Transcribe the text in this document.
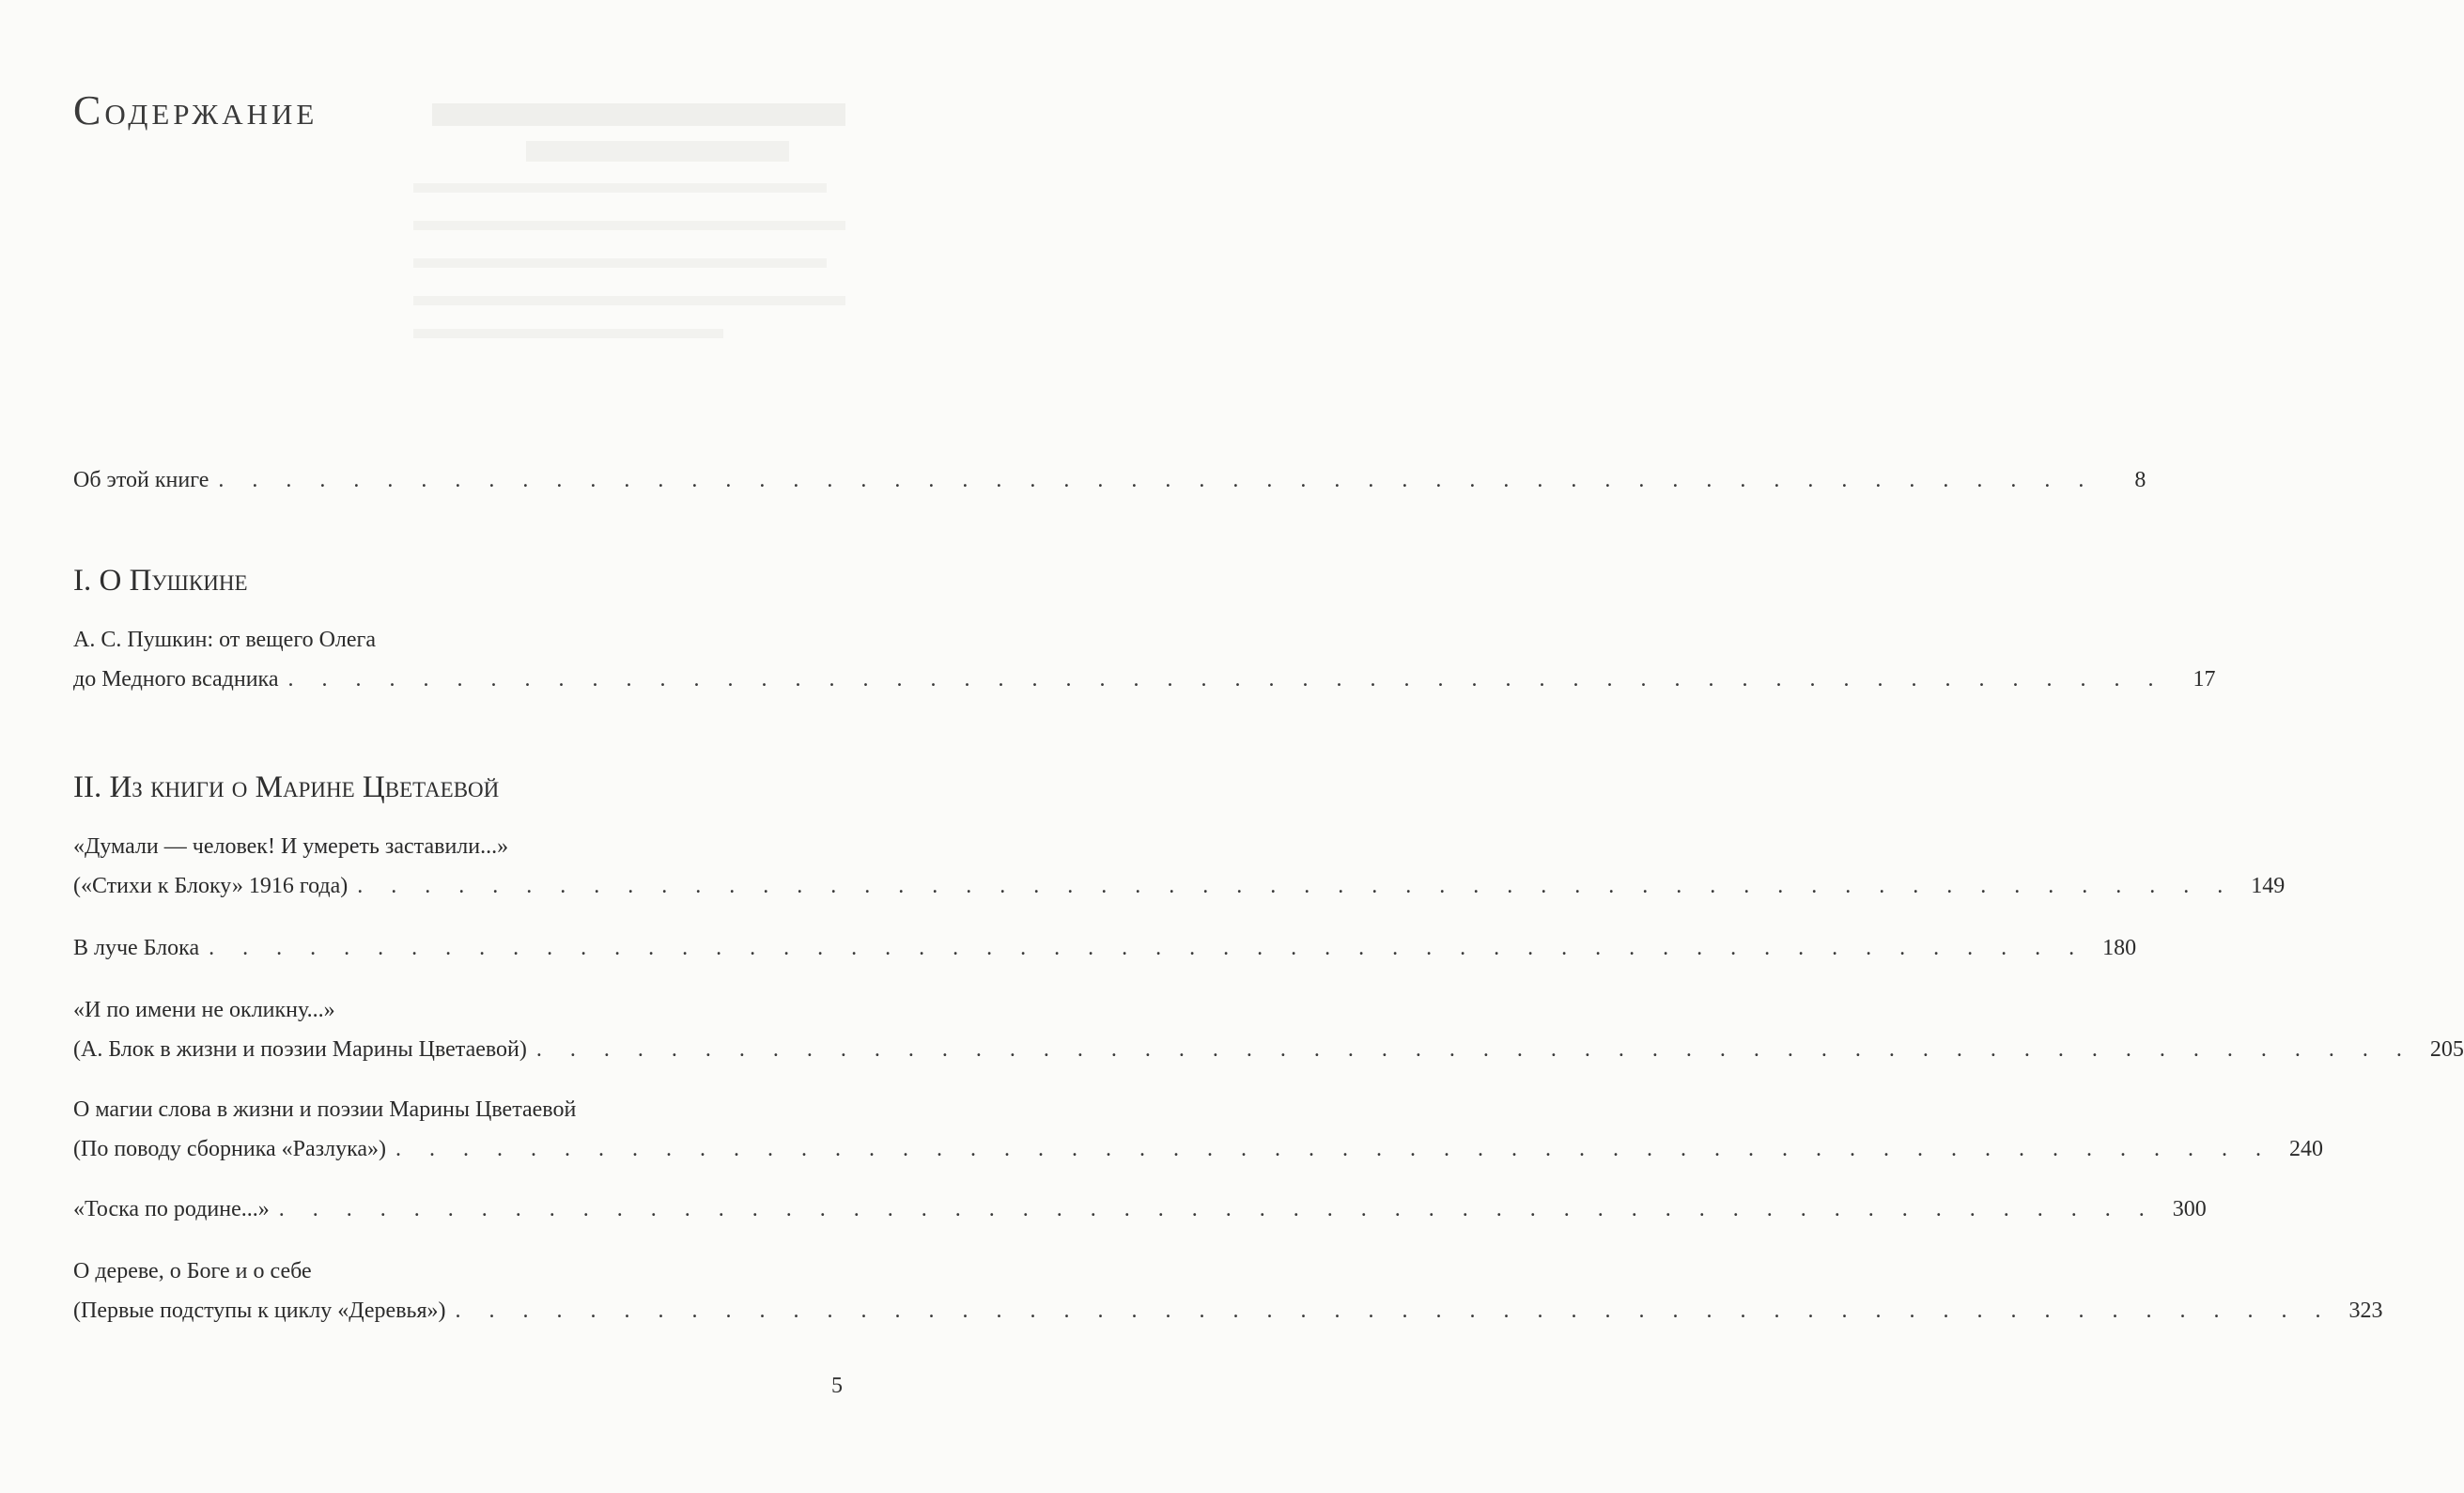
Содержание
Об этой книге . . . . . . . . . . . . . . . . . . . . . . . . . . . . . . . . . . . . . . . . . . . . . . . . . . . . . . . .	8
I. О Пушкине
А. С. Пушкин: от вещего Олега
до Медного всадника . . . . . . . . . . . . . . . . . . . . . . . . . . . . . . . . . . . . . . . . . . . . . . . . . . . . . . . .	17
II. Из книги о Марине Цветаевой
«Думали — человек! И умереть заставили...»
(«Стихи к Блоку» 1916 года) . . . . . . . . . . . . . . . . . . . . . . . . . . . . . . . . . . . . . . . . . . . . . . . . . . . . . . . . 149
В луче Блока . . . . . . . . . . . . . . . . . . . . . . . . . . . . . . . . . . . . . . . . . . . . . . . . . . . . . . . . 180
«И по имени не окликну...»
(А. Блок в жизни и поэзии Марины Цветаевой) . . . . . . . . . . . . . . . . . . . . . . . . . . . . . . . . . . . . . . . . . . . . . . . . . . . . . . . . 205
О магии слова в жизни и поэзии Марины Цветаевой
(По поводу сборника «Разлука») . . . . . . . . . . . . . . . . . . . . . . . . . . . . . . . . . . . . . . . . . . . . . . . . . . . . . . . . 240
«Тоска по родине...» . . . . . . . . . . . . . . . . . . . . . . . . . . . . . . . . . . . . . . . . . . . . . . . . . . . . . . . . 300
О дереве, о Боге и о себе
(Первые подступы к циклу «Деревья») . . . . . . . . . . . . . . . . . . . . . . . . . . . . . . . . . . . . . . . . . . . . . . . . . . . . . . . . 323
5
